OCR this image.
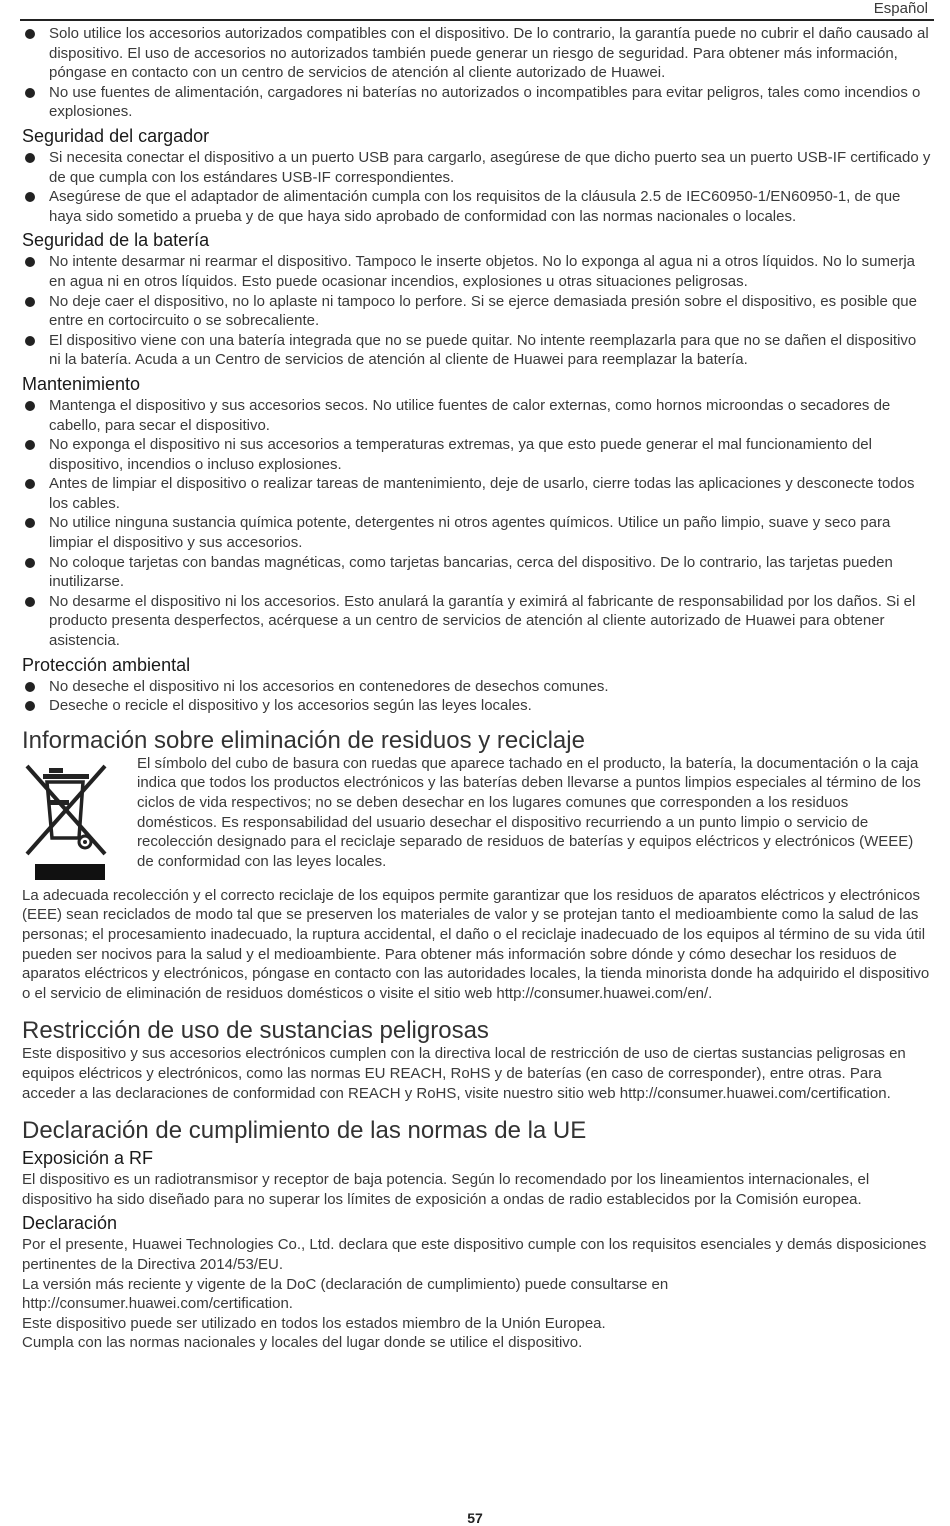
Español
Solo utilice los accesorios autorizados compatibles con el dispositivo. De lo contrario, la garantía puede no cubrir el daño causado al dispositivo. El uso de accesorios no autorizados también puede generar un riesgo de seguridad. Para obtener más información, póngase en contacto con un centro de servicios de atención al cliente autorizado de Huawei.
No use fuentes de alimentación, cargadores ni baterías no autorizados o incompatibles para evitar peligros, tales como incendios o explosiones.
Seguridad del cargador
Si necesita conectar el dispositivo a un puerto USB para cargarlo, asegúrese de que dicho puerto sea un puerto USB-IF certificado y de que cumpla con los estándares USB-IF correspondientes.
Asegúrese de que el adaptador de alimentación cumpla con los requisitos de la cláusula 2.5 de IEC60950-1/EN60950-1, de que haya sido sometido a prueba y de que haya sido aprobado de conformidad con las normas nacionales o locales.
Seguridad de la batería
No intente desarmar ni rearmar el dispositivo. Tampoco le inserte objetos. No lo exponga al agua ni a otros líquidos. No lo sumerja en agua ni en otros líquidos. Esto puede ocasionar incendios, explosiones u otras situaciones peligrosas.
No deje caer el dispositivo, no lo aplaste ni tampoco lo perfore. Si se ejerce demasiada presión sobre el dispositivo, es posible que entre en cortocircuito o se sobrecaliente.
El dispositivo viene con una batería integrada que no se puede quitar. No intente reemplazarla para que no se dañen el dispositivo ni la batería. Acuda a un Centro de servicios de atención al cliente de Huawei para reemplazar la batería.
Mantenimiento
Mantenga el dispositivo y sus accesorios secos. No utilice fuentes de calor externas, como hornos microondas o secadores de cabello, para secar el dispositivo.
No exponga el dispositivo ni sus accesorios a temperaturas extremas, ya que esto puede generar el mal funcionamiento del dispositivo, incendios o incluso explosiones.
Antes de limpiar el dispositivo o realizar tareas de mantenimiento, deje de usarlo, cierre todas las aplicaciones y desconecte todos los cables.
No utilice ninguna sustancia química potente, detergentes ni otros agentes químicos. Utilice un paño limpio, suave y seco para limpiar el dispositivo y sus accesorios.
No coloque tarjetas con bandas magnéticas, como tarjetas bancarias, cerca del dispositivo. De lo contrario, las tarjetas pueden inutilizarse.
No desarme el dispositivo ni los accesorios. Esto anulará la garantía y eximirá al fabricante de responsabilidad por los daños. Si el producto presenta desperfectos, acérquese a un centro de servicios de atención al cliente autorizado de Huawei para obtener asistencia.
Protección ambiental
No deseche el dispositivo ni los accesorios en contenedores de desechos comunes.
Deseche o recicle el dispositivo y los accesorios según las leyes locales.
Información sobre eliminación de residuos y reciclaje
El símbolo del cubo de basura con ruedas que aparece tachado en el producto, la batería, la documentación o la caja indica que todos los productos electrónicos y las baterías deben llevarse a puntos limpios especiales al término de los ciclos de vida respectivos; no se deben desechar en los lugares comunes que corresponden a los residuos domésticos. Es responsabilidad del usuario desechar el dispositivo recurriendo a un punto limpio o servicio de recolección designado para el reciclaje separado de residuos de baterías y equipos eléctricos y electrónicos (WEEE) de conformidad con las leyes locales.

La adecuada recolección y el correcto reciclaje de los equipos permite garantizar que los residuos de aparatos eléctricos y electrónicos (EEE) sean reciclados de modo tal que se preserven los materiales de valor y se protejan tanto el medioambiente como la salud de las personas; el procesamiento inadecuado, la ruptura accidental, el daño o el reciclaje inadecuado de los equipos al término de su vida útil pueden ser nocivos para la salud y el medioambiente. Para obtener más información sobre dónde y cómo desechar los residuos de aparatos eléctricos y electrónicos, póngase en contacto con las autoridades locales, la tienda minorista donde ha adquirido el dispositivo o el servicio de eliminación de residuos domésticos o visite el sitio web http://consumer.huawei.com/en/.

Restricción de uso de sustancias peligrosas

Este dispositivo y sus accesorios electrónicos cumplen con la directiva local de restricción de uso de ciertas sustancias peligrosas en equipos eléctricos y electrónicos, como las normas EU REACH, RoHS y de baterías (en caso de corresponder), entre otras. Para acceder a las declaraciones de conformidad con REACH y RoHS, visite nuestro sitio web http://consumer.huawei.com/certification.

Declaración de cumplimiento de las normas de la UE
Exposición a RF

El dispositivo es un radiotransmisor y receptor de baja potencia. Según lo recomendado por los lineamientos internacionales, el dispositivo ha sido diseñado para no superar los límites de exposición a ondas de radio establecidos por la Comisión europea.

Declaración

Por el presente, Huawei Technologies Co., Ltd. declara que este dispositivo cumple con los requisitos esenciales y demás disposiciones pertinentes de la Directiva 2014/53/EU.

La versión más reciente y vigente de la DoC (declaración de cumplimiento) puede consultarse en http://consumer.huawei.com/certification.

Este dispositivo puede ser utilizado en todos los estados miembro de la Unión Europea.

Cumpla con las normas nacionales y locales del lugar donde se utilice el dispositivo.

57
